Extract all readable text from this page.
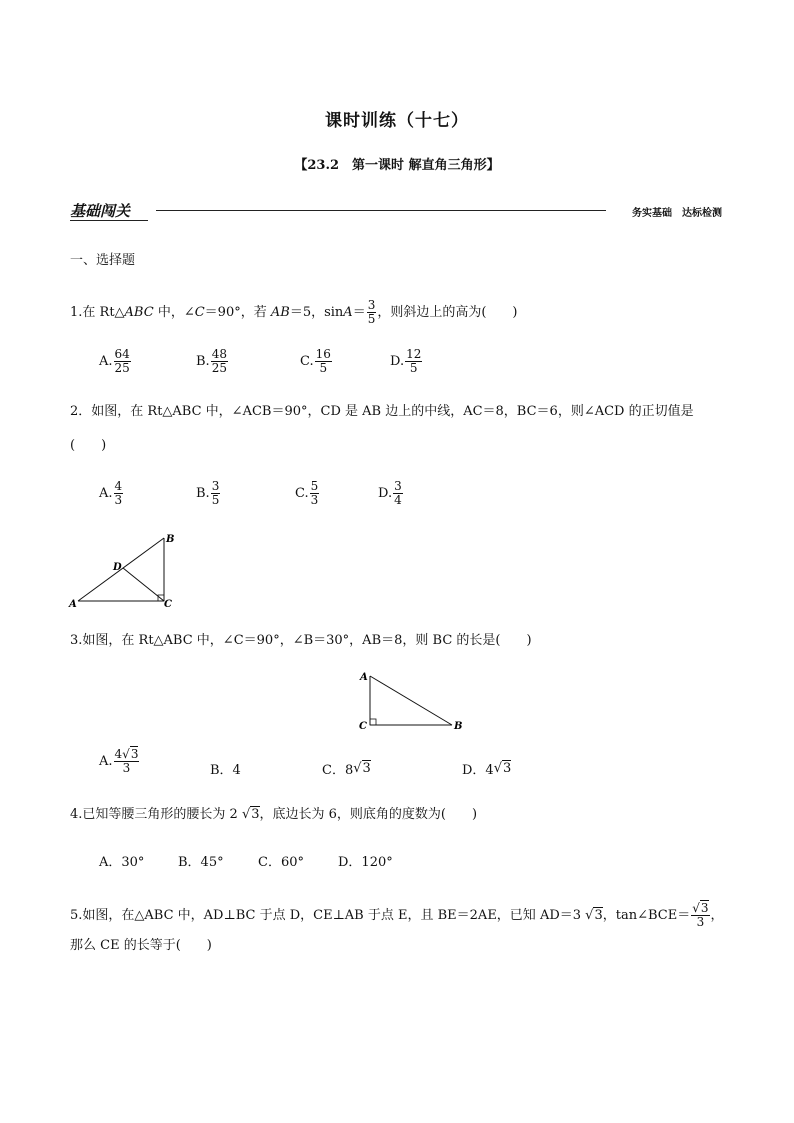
课时训练（十七）
【23.2　第一课时 解直角三角形】
基础闯关	务实基础　达标检测
一、选择题
1.在 Rt△ABC 中，∠C＝90°，若 AB＝5，$\sin A= \frac{3}{5}$ ，则斜边上的高为(　　)
A. $\frac{64}{25}$	B. $\frac{48}{25}$	C. $\frac{16}{5}$	D. $\frac{12}{5}$
2．如图，在 Rt△ABC 中，∠ACB＝90°，CD 是 AB 边上的中线，AC＝8，BC＝6，则∠ACD 的正切值是
(　　)
A. $\frac{4}{3}$	B. $\frac{3}{5}$	C. $\frac{5}{3}$	D. $\frac{3}{4}$
A
B
C
D
3.如图，在 Rt△ABC 中，∠C＝90°，∠B＝30°，AB＝8，则 BC 的长是(　　)
A
C	B
A. $\frac{4√3}{3}$	B．4	C．8 √3	D．4 √3
4.已知等腰三角形的腰长为 2 √3，底边长为 6，则底角的度数为(　　)
A．30°	B．45°	C．60°	D．120°
5.如图，在△ABC 中，AD⊥BC 于点 D，CE⊥AB 于点 E，且 BE＝2AE，已知 AD＝3 √3，tan∠BCE＝ $\frac{√3}{3}$ ，
那么 CE 的长等于(　　)
